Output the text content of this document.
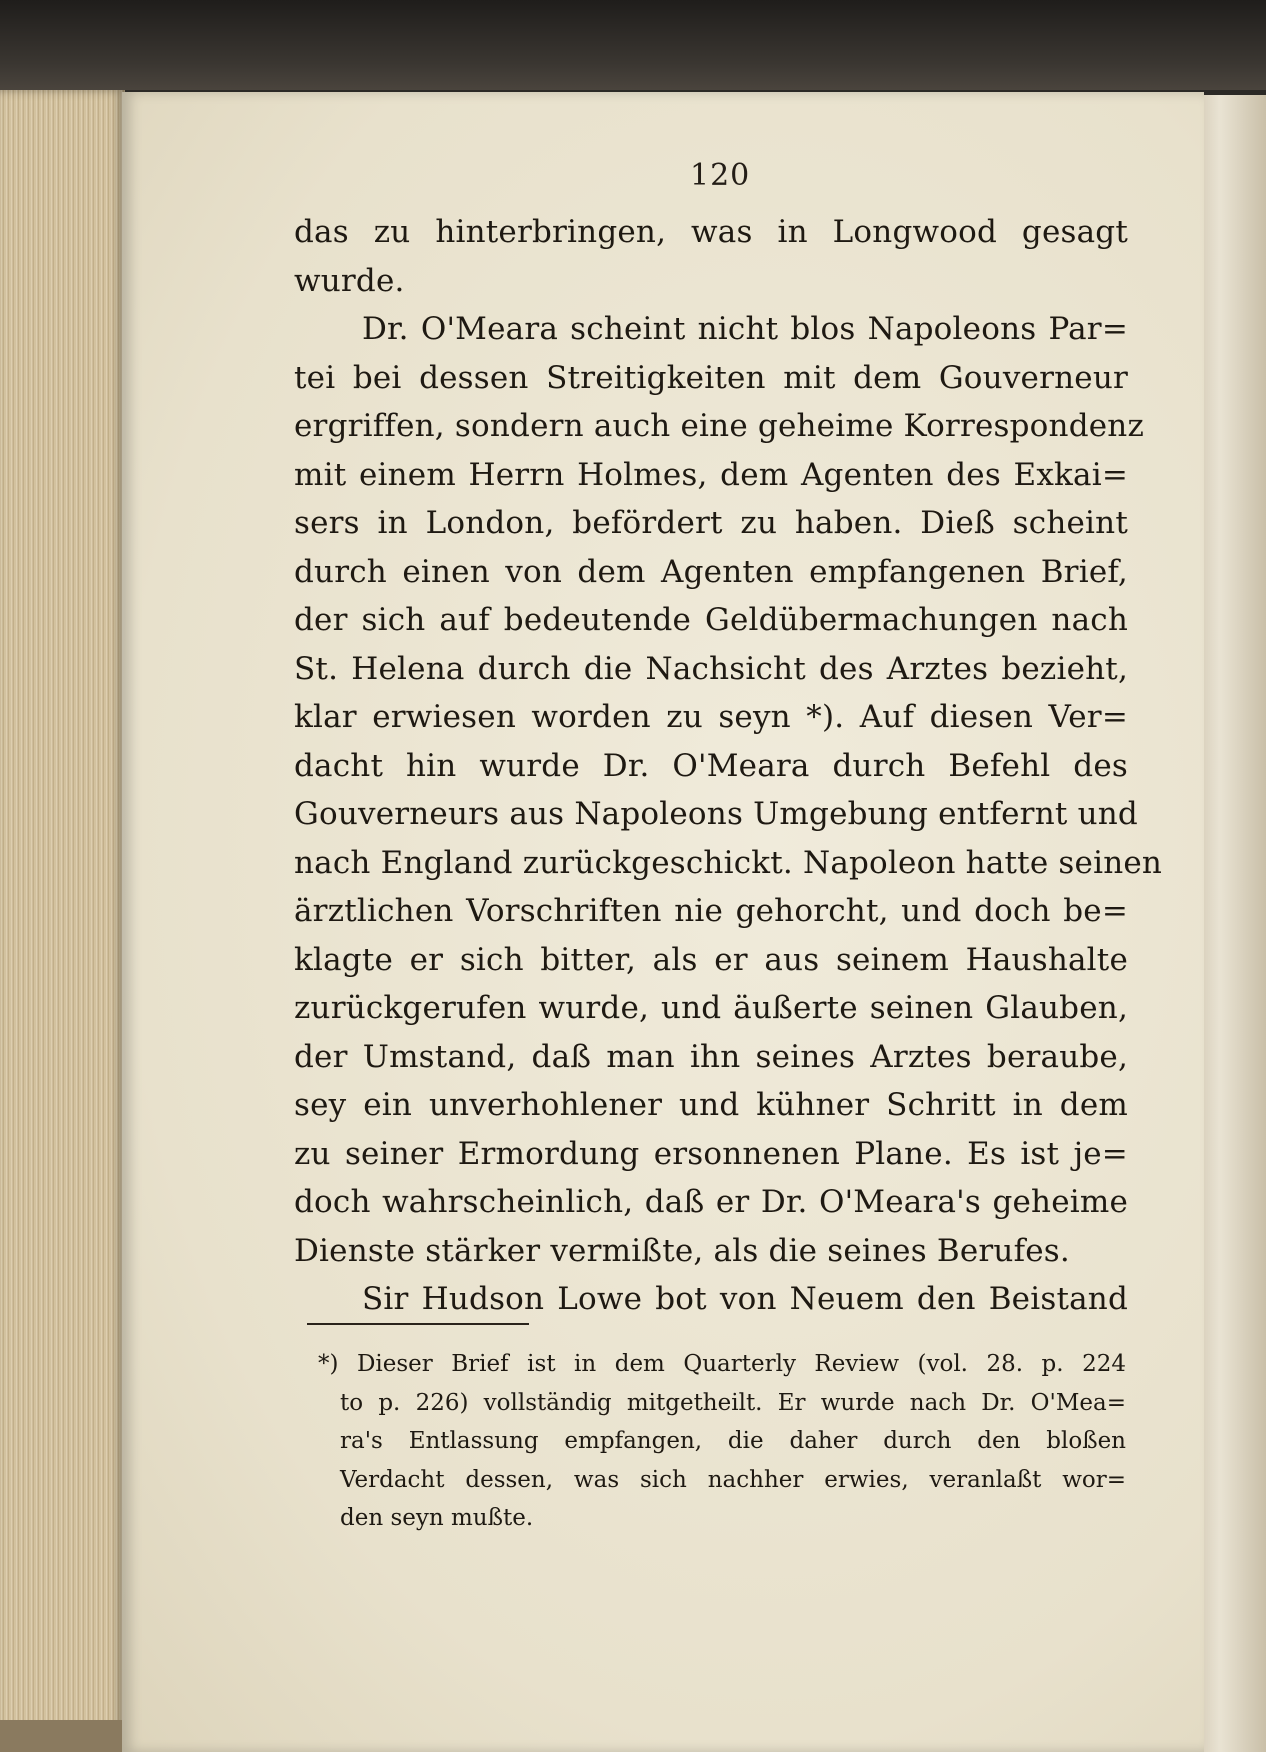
120
das zu hinterbringen, was in Longwood gesagt
wurde.
Dr. O'Meara scheint nicht blos Napoleons Par=
tei bei dessen Streitigkeiten mit dem Gouverneur
ergriffen, sondern auch eine geheime Korrespondenz
mit einem Herrn Holmes, dem Agenten des Exkai=
sers in London, befördert zu haben. Dieß scheint
durch einen von dem Agenten empfangenen Brief,
der sich auf bedeutende Geldübermachungen nach
St. Helena durch die Nachsicht des Arztes bezieht,
klar erwiesen worden zu seyn *). Auf diesen Ver=
dacht hin wurde Dr. O'Meara durch Befehl des
Gouverneurs aus Napoleons Umgebung entfernt und
nach England zurückgeschickt. Napoleon hatte seinen
ärztlichen Vorschriften nie gehorcht, und doch be=
klagte er sich bitter, als er aus seinem Haushalte
zurückgerufen wurde, und äußerte seinen Glauben,
der Umstand, daß man ihn seines Arztes beraube,
sey ein unverhohlener und kühner Schritt in dem
zu seiner Ermordung ersonnenen Plane. Es ist je=
doch wahrscheinlich, daß er Dr. O'Meara's geheime
Dienste stärker vermißte, als die seines Berufes.
Sir Hudson Lowe bot von Neuem den Beistand
*) Dieser Brief ist in dem Quarterly Review (vol. 28. p. 224
to p. 226) vollständig mitgetheilt. Er wurde nach Dr. O'Mea=
ra's Entlassung empfangen, die daher durch den bloßen
Verdacht dessen, was sich nachher erwies, veranlaßt wor=
den seyn mußte.
